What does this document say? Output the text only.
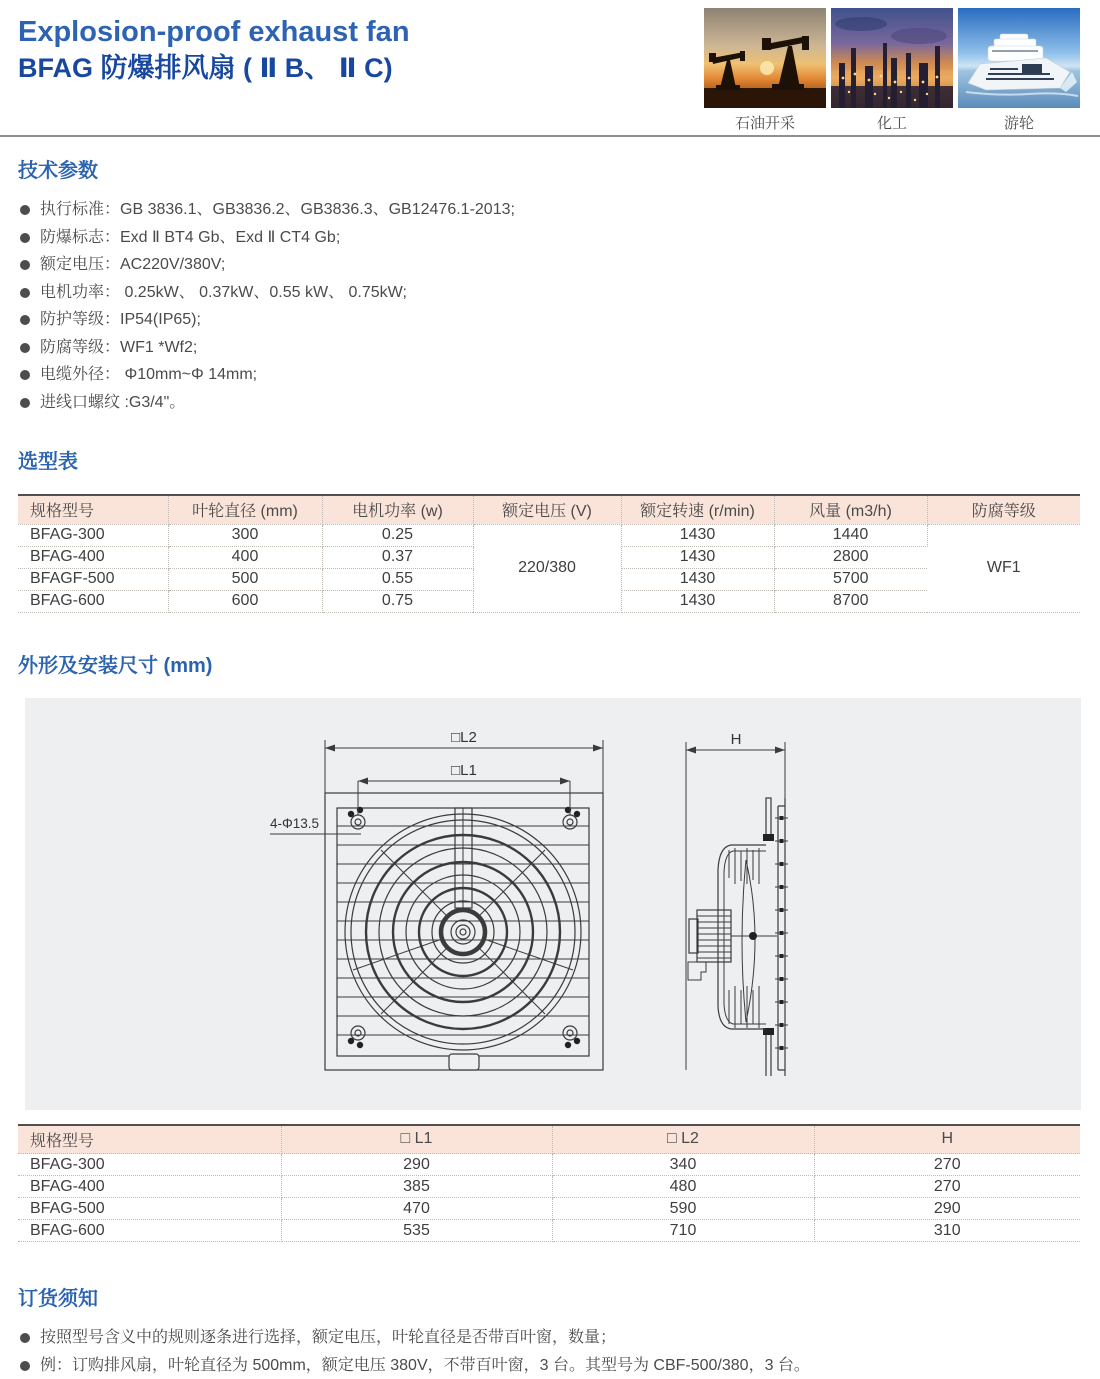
Explosion-proof exhaust fan
BFAG 防爆排风扇 ( Ⅱ B、 Ⅱ C)
石油开采	化工	游轮
技术参数
执行标准：GB 3836.1、GB3836.2、GB3836.3、GB12476.1-2013;
防爆标志：Exd Ⅱ BT4 Gb、Exd Ⅱ CT4 Gb;
额定电压：AC220V/380V;
电机功率： 0.25kW、 0.37kW、0.55 kW、 0.75kW;
防护等级：IP54(IP65);
防腐等级：WF1 *Wf2;
电缆外径： Φ10mm~Φ 14mm;
进线口螺纹 :G3/4"。
选型表
规格型号	叶轮直径 (mm)	电机功率 (w)	额定电压 (V)	额定转速 (r/min)	风量 (m3/h)	防腐等级
BFAG-300	300	0.25	220/380	1430	1440	WF1
BFAG-400	400	0.37		1430	2800	
BFAGF-500	500	0.55		1430	5700	
BFAG-600	600	0.75		1430	8700	
外形及安装尺寸 (mm)
□L2
□L1
4-Φ13.5
H
规格型号	□ L1	□ L2	H
BFAG-300	290	340	270
BFAG-400	385	480	270
BFAG-500	470	590	290
BFAG-600	535	710	310
订货须知
按照型号含义中的规则逐条进行选择，额定电压，叶轮直径是否带百叶窗，数量；
例：订购排风扇，叶轮直径为 500mm，额定电压 380V，不带百叶窗，3 台。其型号为 CBF-500/380，3 台。
